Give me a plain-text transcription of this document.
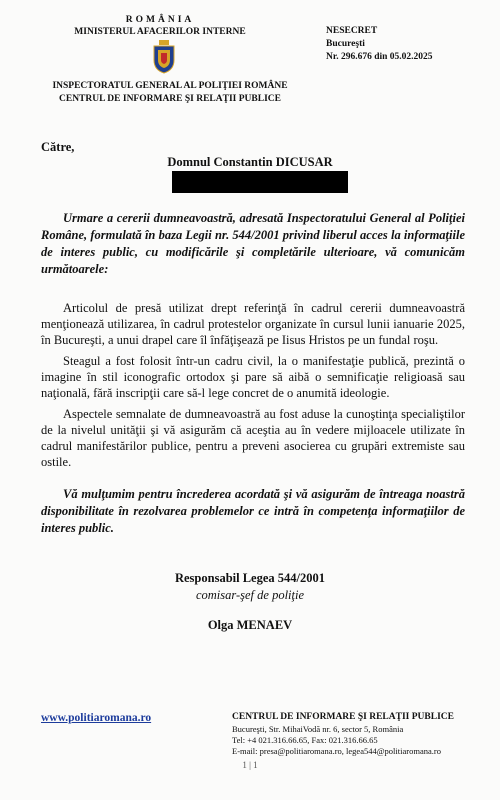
ROMÂNIA
MINISTERUL AFACERILOR INTERNE
INSPECTORATUL GENERAL AL POLIŢIEI ROMÂNE
CENTRUL DE INFORMARE ŞI RELAŢII PUBLICE
NESECRET
Bucureşti
Nr. 296.676 din 05.02.2025
Către,
Domnul Constantin DICUSAR

Urmare a cererii dumneavoastră, adresată Inspectoratului General al Poliţiei Române, formulată în baza Legii nr. 544/2001 privind liberul acces la informaţiile de interes public, cu modificările şi completările ulterioare, vă comunicăm următoarele:

Articolul de presă utilizat drept referinţă în cadrul cererii dumneavoastră menţionează utilizarea, în cadrul protestelor organizate în cursul lunii ianuarie 2025, în Bucureşti, a unui drapel care îl înfăţişează pe Iisus Hristos pe un fundal roşu.

Steagul a fost folosit într-un cadru civil, la o manifestaţie publică, prezintă o imagine în stil iconografic ortodox şi pare să aibă o semnificaţie religioasă sau naţională, fără inscripţii care să-l lege concret de o anumită ideologie.

Aspectele semnalate de dumneavoastră au fost aduse la cunoştinţa specialiştilor de la nivelul unităţii şi vă asigurăm că aceştia au în vedere mijloacele utilizate în cadrul manifestărilor publice, pentru a preveni asocierea cu grupări extremiste sau ostile.

Vă mulţumim pentru încrederea acordată şi vă asigurăm de întreaga noastră disponibilitate în rezolvarea problemelor ce intră în competenţa informaţiilor de interes public.

Responsabil Legea 544/2001
comisar-şef de poliţie
Olga MENAEV
www.politiaromana.ro	CENTRUL DE INFORMARE ŞI RELAŢII PUBLICE
Bucureşti, Str. MihaiVodă nr. 6, sector 5, România
Tel: +4 021.316.66.65, Fax: 021.316.66.65
E-mail: presa@politiaromana.ro, legea544@politiaromana.ro
1 | 1
